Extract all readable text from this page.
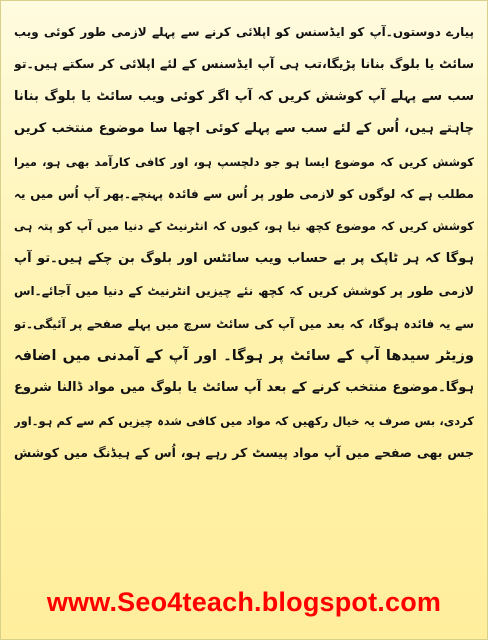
پیارے دوستوں۔آپ کو ایڈسنس کو اپلائی کرنے سے پہلے لازمی طور کوئی ویب
سائٹ یا بلوگ بنانا پڑیگا،تب ہی آپ ایڈسنس کے لئے اپلائی کر سکتے ہیں۔تو
سب سے پہلے آپ کوشش کریں کہ آپ اگر کوئی ویب سائٹ یا بلوگ بنانا
چاہتے ہیں، اُس کے لئے سب سے پہلے کوئی اچھا سا موضوع منتخب کریں
کوشش کریں کہ موضوع ایسا ہو جو دلچسپ ہو، اور کافی کارآمد بھی ہو، میرا
مطلب ہے کہ لوگوں کو لازمی طور پر اُس سے فائدہ پہنچے۔پھر آپ اُس میں یہ
کوشش کریں کہ موضوع کچھ نیا ہو، کیوں کہ انٹرنیٹ کے دنیا میں آپ کو پتہ ہی
ہوگا کہ ہر ٹاپک پر بے حساب ویب سائٹس اور بلوگ بن چکے ہیں۔تو آپ
لازمی طور پر کوشش کریں کہ کچھ نئے چیزیں انٹرنیٹ کے دنیا میں آجائے۔اس
سے یہ فائدہ ہوگا، کہ بعد میں آپ کی سائٹ سرچ میں پہلے صفحے پر آئیگی۔تو
وزیٹر سیدھا آپ کے سائٹ پر ہوگا۔ اور آپ کے آمدنی میں اضافہ
ہوگا۔موضوع منتخب کرنے کے بعد آپ سائٹ یا بلوگ میں مواد ڈالنا شروع
کردی، بس صرف یہ خیال رکھیں کہ مواد میں کافی شدہ چیزیں کم سے کم ہو۔اور
جس بھی صفحے میں آپ مواد پیسٹ کر رہے ہو، اُس کے ہیڈنگ میں کوشش
www.Seo4teach.blogspot.com
